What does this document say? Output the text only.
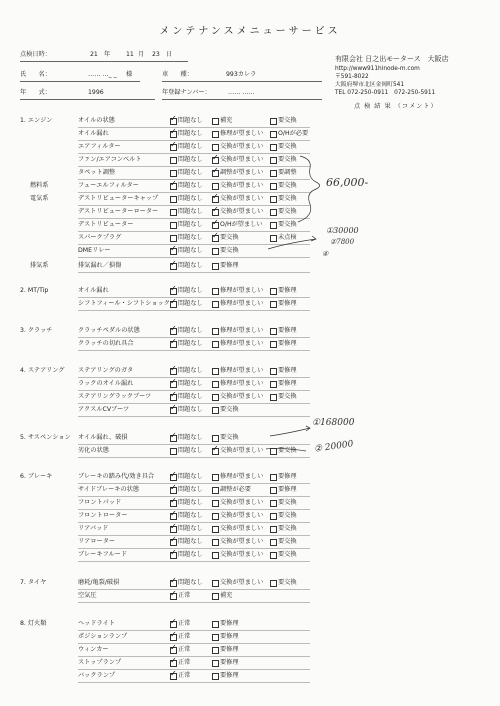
メンテナンスメニューサービス
点検日時：	21 年	11 月 23 日
氏　　名：	…… …_ _ 様	車　　種：	993カレラ
年　　式：	1996	年登録ナンバー：	…… ……
有限会社 日之出モータース　大阪店
http://www911hinode-m.com
〒591-8022
大阪府堺市北区金岡町541
TEL 072-250-0911　072-250-5911
点 検 結 果 （コメント）
1. エンジン	オイルの状態 ✓	問題なし	補充	要交換
オイル漏れ ✓	問題なし	修理が望ましい O/Hが必要
エアフィルター ✓	問題なし	交換が望ましい 要交換
ファン/エアコンベルト	問題なし ✓	交換が望ましい 要交換
タペット調整	問題なし ✓	調整が望ましい 要調整
燃料系	フューエルフィルター ✓	問題なし	交換が望ましい 要交換
電気系	デストリビューターキャップ	問題なし ✓	交換が望ましい 要交換
デストリビューターローター	問題なし ✓	交換が望ましい 要交換
デストリビューター	問題なし ✓	O/Hが望ましい 要交換
スパークプラグ	問題なし ✓	要交換	未点検
DMEリレー ✓	問題なし	要交換
排気系	排気漏れ／損傷 ✓	問題なし	要修理
2. MT/Tip	オイル漏れ ✓	問題なし	修理が望ましい 要修理
シフトフィール・シフトショック ✓ 問題なし	修理が望ましい 要修理
3. クラッチ	クラッチペダルの状態 ✓	問題なし	修理が望ましい 要修理
クラッチの切れ具合 ✓	問題なし	修理が望ましい 要修理
4. ステアリング ステアリングのガタ ✓	問題なし	修理が望ましい 要修理
ラックのオイル漏れ ✓	問題なし	修理が望ましい 要修理
ステアリングラックブーツ ✓	問題なし	交換が望ましい 要交換
アクスルCVブーツ ✓	問題なし	要交換
5. サスペンション オイル漏れ、破損 ✓	問題なし	要交換
劣化の状態	問題なし ✓	交換が望ましい 要交換
6. ブレーキ	ブレーキの踏み代/効き具合 ✓	問題なし	修理が望ましい 要修理
サイドブレーキの状態 ✓	問題なし	調整が必要	要修理
フロントパッド ✓	問題なし	交換が望ましい 要交換
フロントローター ✓	問題なし	交換が望ましい 要交換
リアパッド ✓	問題なし	交換が望ましい 要交換
リアローター ✓	問題なし	交換が望ましい 要交換
ブレーキフルード ✓	問題なし	交換が望ましい 要交換
7. タイヤ	磨耗/亀裂/破損 ✓	問題なし	交換が望ましい 要交換
空気圧 ✓	正常	補充
8. 灯火類	ヘッドライト ✓	正常	要修理
ポジションランプ ✓	正常	要修理
ウィンカー ✓	正常	要修理
ストップランプ ✓	正常	要修理
バックランプ ✓	正常	要修理
66,000-
①30000
②7800
④
①168000
② 20000
